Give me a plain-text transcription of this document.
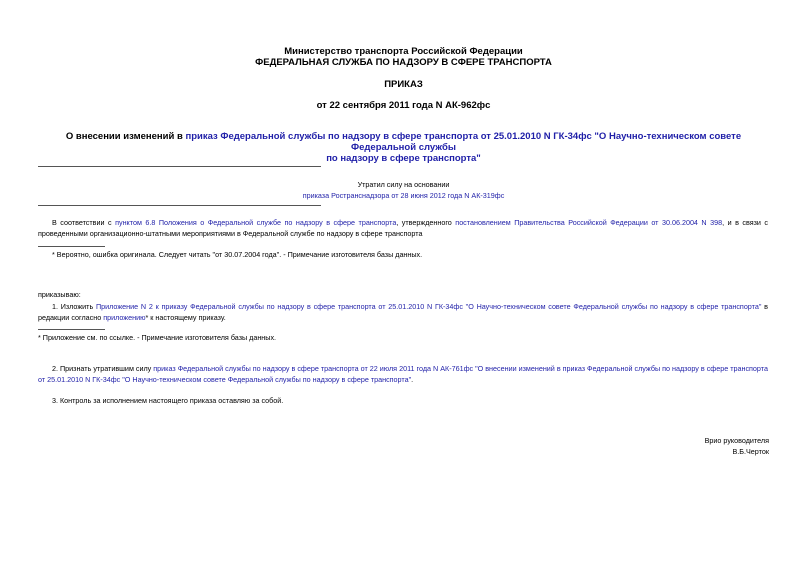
Министерство транспорта Российской Федерации
ФЕДЕРАЛЬНАЯ СЛУЖБА ПО НАДЗОРУ В СФЕРЕ ТРАНСПОРТА
ПРИКАЗ
от 22 сентября 2011 года N АК-962фс
О внесении изменений в приказ Федеральной службы по надзору в сфере транспорта от 25.01.2010 N ГК-34фс "О Научно-техническом совете Федеральной службы
по надзору в сфере транспорта"
Утратил силу на основании
приказа Ространснадзора от 28 июня 2012 года N АК-319фс
В соответствии с пунктом 6.8 Положения о Федеральной службе по надзору в сфере транспорта, утвержденного постановлением Правительства Российской Федерации от 30.06.2004 N 398, и в связи с проведенными организационно-штатными мероприятиями в Федеральной службе по надзору в сфере транспорта
* Вероятно, ошибка оригинала. Следует читать "от 30.07.2004 года". - Примечание изготовителя базы данных.
приказываю:
1. Изложить Приложение N 2 к приказу Федеральной службы по надзору в сфере транспорта от 25.01.2010 N ГК-34фс "О Научно-техническом совете Федеральной службы по надзору в сфере транспорта" в редакции согласно приложению* к настоящему приказу.
* Приложение см. по ссылке. - Примечание изготовителя базы данных.
2. Признать утратившим силу приказ Федеральной службы по надзору в сфере транспорта от 22 июля 2011 года N АК-761фс "О внесении изменений в приказ Федеральной службы по надзору в сфере транспорта от 25.01.2010 N ГК-34фс "О Научно-техническом совете Федеральной службы по надзору в сфере транспорта".
3. Контроль за исполнением настоящего приказа оставляю за собой.
Врио руководителя
В.Б.Черток
